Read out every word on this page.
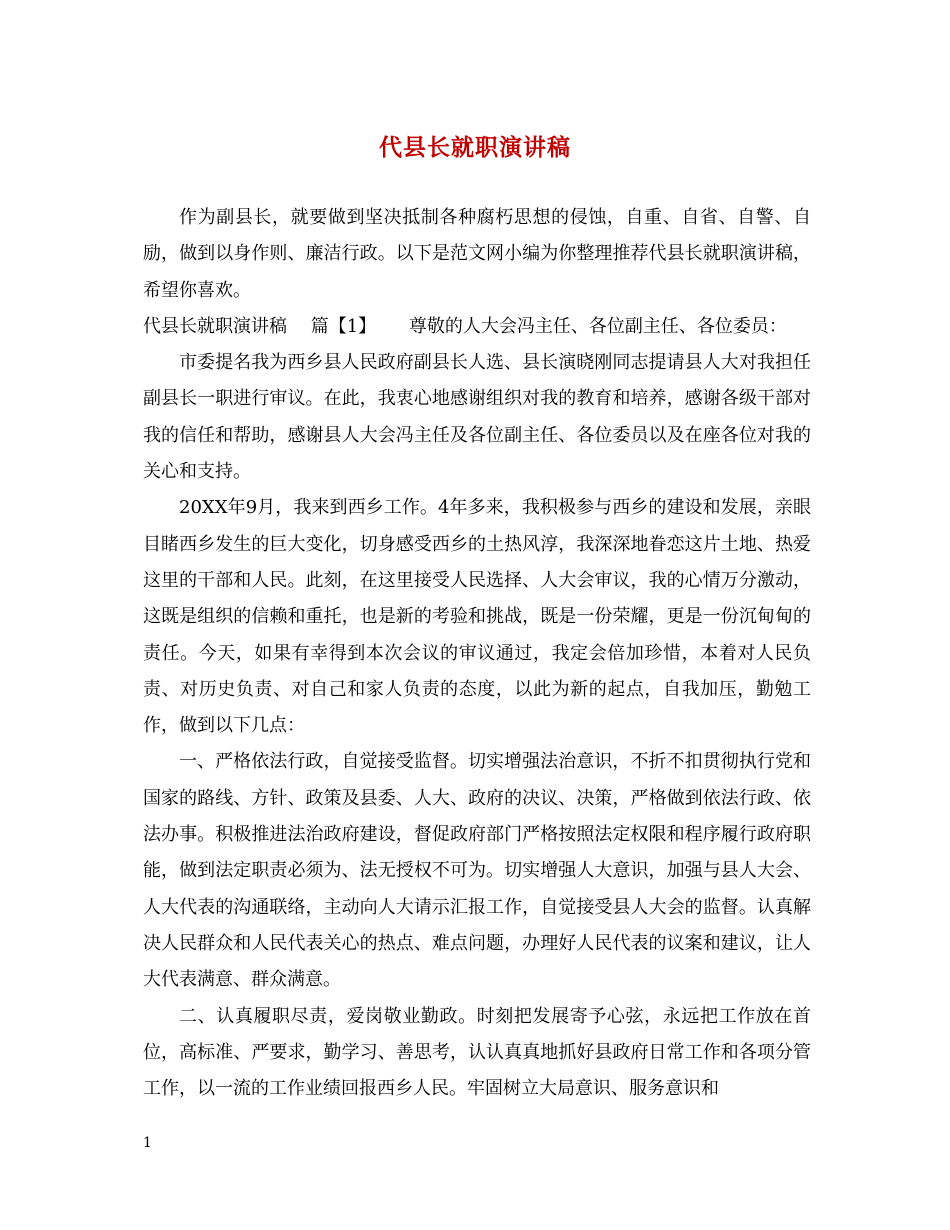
代县长就职演讲稿

作为副县长，就要做到坚决抵制各种腐朽思想的侵蚀，自重、自省、自警、自励，做到以身作则、廉洁行政。以下是范文网小编为你整理推荐代县长就职演讲稿，希望你喜欢。

代县长就职演讲稿　 篇【1】　　 尊敬的人大会冯主任、各位副主任、各位委员：

市委提名我为西乡县人民政府副县长人选、县长演晓刚同志提请县人大对我担任副县长一职进行审议。在此，我衷心地感谢组织对我的教育和培养，感谢各级干部对我的信任和帮助，感谢县人大会冯主任及各位副主任、各位委员以及在座各位对我的关心和支持。

20XX年9月，我来到西乡工作。4年多来，我积极参与西乡的建设和发展，亲眼目睹西乡发生的巨大变化，切身感受西乡的土热风淳，我深深地眷恋这片土地、热爱这里的干部和人民。此刻，在这里接受人民选择、人大会审议，我的心情万分激动，这既是组织的信赖和重托，也是新的考验和挑战，既是一份荣耀，更是一份沉甸甸的责任。今天，如果有幸得到本次会议的审议通过，我定会倍加珍惜，本着对人民负责、对历史负责、对自己和家人负责的态度，以此为新的起点，自我加压，勤勉工作，做到以下几点：

一、严格依法行政，自觉接受监督。切实增强法治意识，不折不扣贯彻执行党和国家的路线、方针、政策及县委、人大、政府的决议、决策，严格做到依法行政、依法办事。积极推进法治政府建设，督促政府部门严格按照法定权限和程序履行政府职能，做到法定职责必须为、法无授权不可为。切实增强人大意识，加强与县人大会、人大代表的沟通联络，主动向人大请示汇报工作，自觉接受县人大会的监督。认真解决人民群众和人民代表关心的热点、难点问题，办理好人民代表的议案和建议，让人大代表满意、群众满意。

二、认真履职尽责，爱岗敬业勤政。时刻把发展寄予心弦，永远把工作放在首位，高标准、严要求，勤学习、善思考，认认真真地抓好县政府日常工作和各项分管工作，以一流的工作业绩回报西乡人民。牢固树立大局意识、服务意识和

1
